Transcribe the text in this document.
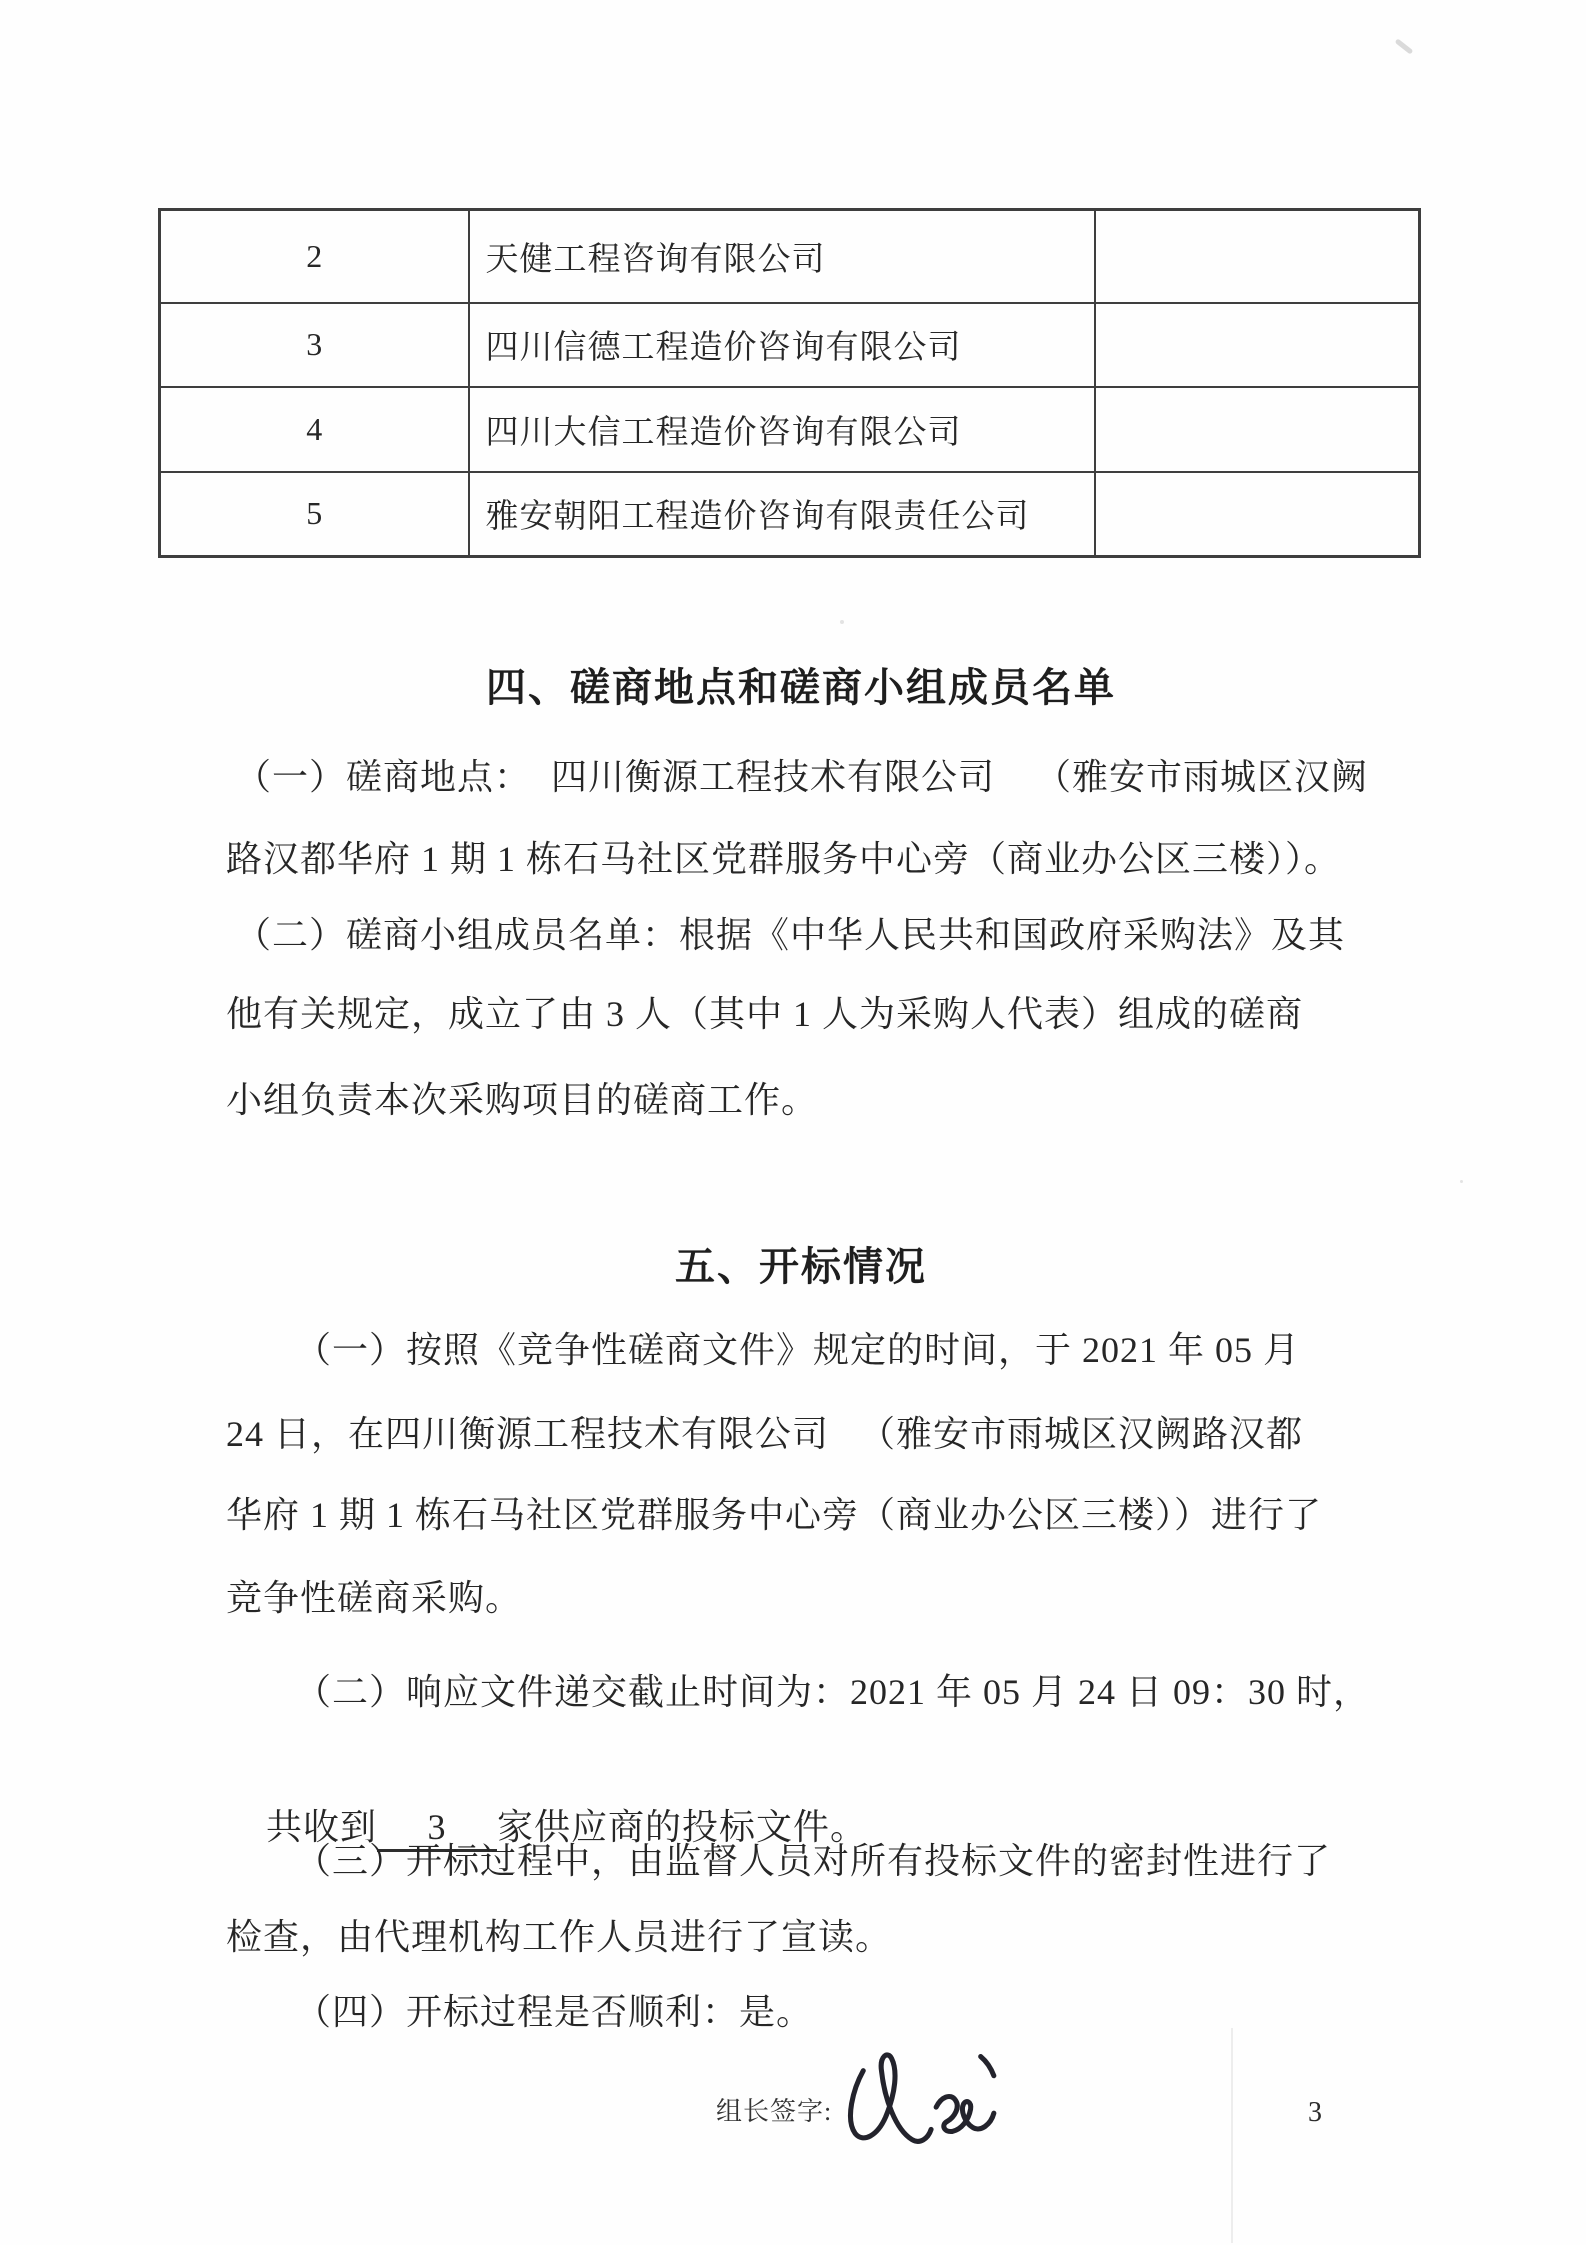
2	天健工程咨询有限公司	
3	四川信德工程造价咨询有限公司	
4	四川大信工程造价咨询有限公司	
5	雅安朝阳工程造价咨询有限责任公司	
四、磋商地点和磋商小组成员名单
（一）磋商地点：  四川衡源工程技术有限公司    （雅安市雨城区汉阙
路汉都华府 1 期 1 栋石马社区党群服务中心旁（商业办公区三楼））。
（二）磋商小组成员名单：根据《中华人民共和国政府采购法》及其
他有关规定，成立了由 3 人（其中 1 人为采购人代表）组成的磋商
小组负责本次采购项目的磋商工作。
五、开标情况
（一）按照《竞争性磋商文件》规定的时间，于 2021 年 05 月
24 日，在四川衡源工程技术有限公司   （雅安市雨城区汉阙路汉都
华府 1 期 1 栋石马社区党群服务中心旁（商业办公区三楼））进行了
竞争性磋商采购。
（二）响应文件递交截止时间为：2021 年 05 月 24 日 09：30 时，

共收到 3 家供应商的投标文件。

（三）开标过程中，由监督人员对所有投标文件的密封性进行了
检查，由代理机构工作人员进行了宣读。
（四）开标过程是否顺利：是。
组长签字:	3
